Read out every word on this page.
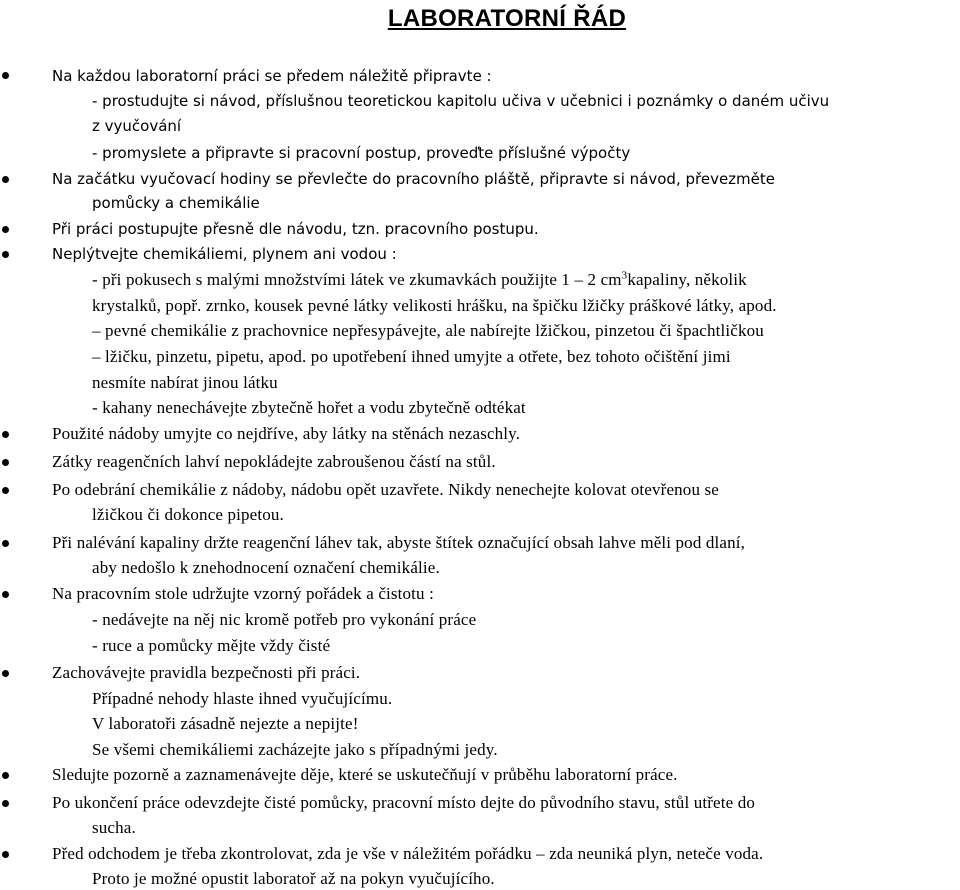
LABORATORNÍ ŘÁD
Na každou laboratorní práci se předem náležitě připravte :
- prostudujte si návod, příslušnou teoretickou kapitolu učiva v učebnici i poznámky o daném učivu
z vyučování
- promyslete a připravte si pracovní postup, proveďte příslušné výpočty
Na začátku vyučovací hodiny se převlečte do pracovního pláště, připravte si návod, převezměte
pomůcky a chemikálie
Při práci postupujte přesně dle návodu, tzn. pracovního postupu.
Neplýtvejte chemikáliemi, plynem ani vodou :
- při pokusech s malými množstvími látek ve zkumavkách použijte 1 – 2 $cm^3kapaliny$, několik
krystalků, popř. zrnko, kousek pevné látky velikosti hrášku, na špičku lžičky práškové látky, apod.
– pevné chemikálie z prachovnice nepřesypávejte, ale nabírejte lžičkou, pinzetou či špachtličkou
– lžičku, pinzetu, pipetu, apod. po upotřebení ihned umyjte a otřete, bez tohoto očištění jimi
nesmíte nabírat jinou látku
- kahany nenechávejte zbytečně hořet a vodu zbytečně odtékat
Použité nádoby umyjte co nejdříve, aby látky na stěnách nezaschly.
Zátky reagenčních lahví nepokládejte zabroušenou částí na stůl.
Po odebrání chemikálie z nádoby, nádobu opět uzavřete. Nikdy nenechejte kolovat otevřenou se
lžičkou či dokonce pipetou.
Při nalévání kapaliny držte reagenční láhev tak, abyste štítek označující obsah lahve měli pod dlaní,
aby nedošlo k znehodnocení označení chemikálie.
Na pracovním stole udržujte vzorný pořádek a čistotu :
- nedávejte na něj nic kromě potřeb pro vykonání práce
- ruce a pomůcky mějte vždy čisté
Zachovávejte pravidla bezpečnosti při práci.
Případné nehody hlaste ihned vyučujícímu.
V laboratoři zásadně nejezte a nepijte!
Se všemi chemikáliemi zacházejte jako s případnými jedy.
Sledujte pozorně a zaznamenávejte děje, které se uskutečňují v průběhu laboratorní práce.
Po ukončení práce odevzdejte čisté pomůcky, pracovní místo dejte do původního stavu, stůl utřete do
sucha.
Před odchodem je třeba zkontrolovat, zda je vše v náležitém pořádku – zda neuniká plyn, neteče voda.
Proto je možné opustit laboratoř až na pokyn vyučujícího.
